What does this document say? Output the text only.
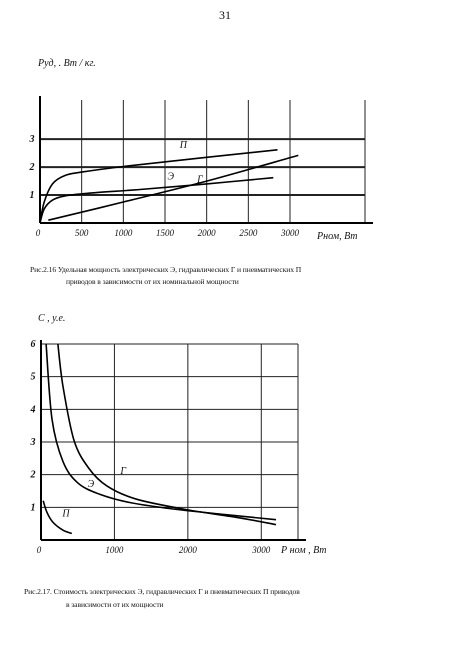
31
Руд, . Вт / кг.
Рном, Вт
Рис.2.16 Удельная мощность электрических Э, гидравлических Г и пневматических П
приводов в зависимости от их номинальной мощности
С , у.е.
Р ном , Вт
Рис.2.17. Стоимость электрических Э, гидравлических Г и пневматических П приводов
в зависимости от их мощности
0	500	1000	1500	2000	2500	3000
1
2
3
П
Э Г
0	1000	2000	3000
1
2
3
4
5
6
П
Э
Г
